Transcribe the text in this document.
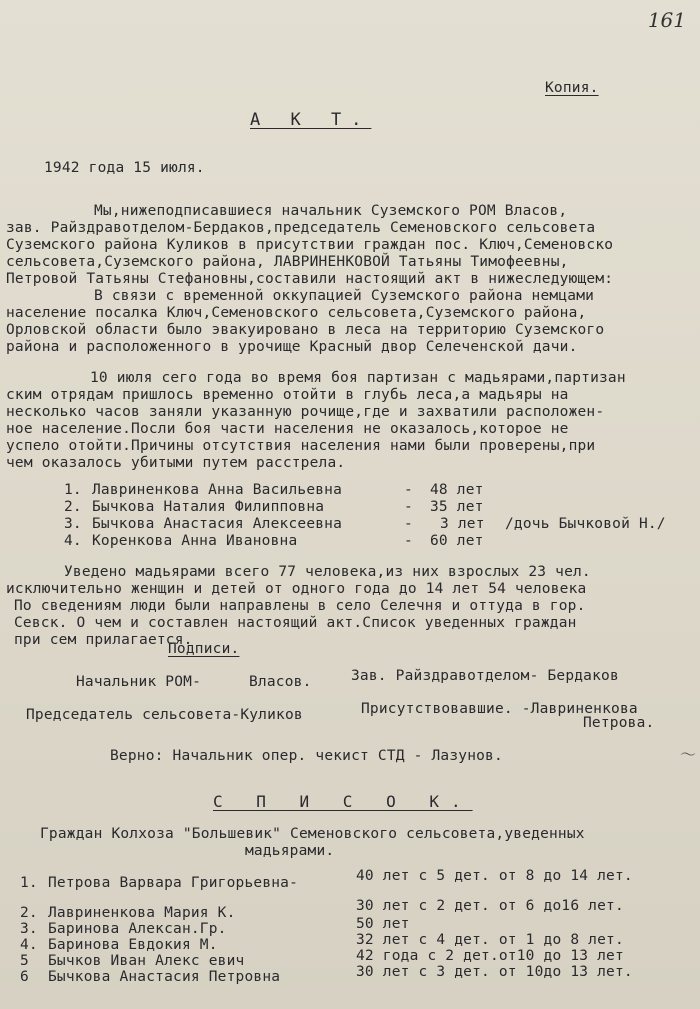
161
Копия.
А К Т.
1942 года 15 июля.
Мы,нижеподписавшиеся начальник Суземского РОМ Власов,
зав. Райздравотделом-Бердаков,председатель Семеновского сельсовета
Суземского района Куликов в присутствии граждан пос. Ключ,Семеновско
сельсовета,Суземского района, ЛАВРИНЕНКОВОЙ Татьяны Тимофеевны,
Петровой Татьяны Стефановны,составили настоящий акт в нижеследующем:
В связи с временной оккупацией Суземского района немцами
население посалка Ключ,Семеновского сельсовета,Суземского района,
Орловской области было эвакуировано в леса на территорию Суземского
района и расположенного в урочище Красный двор Селеченской дачи.
10 июля сего года во время боя партизан с мадьярами,партизан
ским отрядам пришлось временно отойти в глубь леса,а мадьяры на
несколько часов заняли указанную рочище,где и захватили расположен-
ное население.Посли боя части населения не оказалось,которое не
успело отойти.Причины отсутствия населения нами были проверены,при
чем оказалось убитыми путем расстрела.
1. Лавриненкова Анна Васильевна	- 48 лет
2. Бычкова Наталия Филипповна	- 35 лет
3. Бычкова Анастасия Алексеевна	- 3 лет /дочь Бычковой Н./
4. Коренкова Анна Ивановна	- 60 лет
Уведено мадьярами всего 77 человека,из них взрослых 23 чел.
исключительно женщин и детей от одного года до 14 лет 54 человека
По сведениям люди были направлены в село Селечня и оттуда в гор.
Севск. О чем и составлен настоящий акт.Список уведенных граждан
при сем прилагается.
Подписи.
Начальник РОМ-	Власов.	Зав. Райздравотделом- Бердаков
Председатель сельсовета-Куликов	Присутствовавшие. -Лавриненкова
Петрова.
Верно: Начальник опер. чекист СТД - Лазунов.	〜
С П И С О К.
Граждан Колхоза "Большевик" Семеновского сельсовета,уведенных
мадьярами.
1. Петрова Варвара Григорьевна-	40 лет с 5 дет. от 8 до 14 лет.
2. Лавриненкова Мария К.	30 лет с 2 дет. от 6 до16 лет.
3. Баринова Алексан.Гр.	50 лет
4. Баринова Евдокия М.	32 лет с 4 дет. от 1 до 8 лет.
5 Бычков Иван Алекс евич	42 года с 2 дет.от10 до 13 лет
6 Бычкова Анастасия Петровна	30 лет с 3 дет. от 10до 13 лет.
